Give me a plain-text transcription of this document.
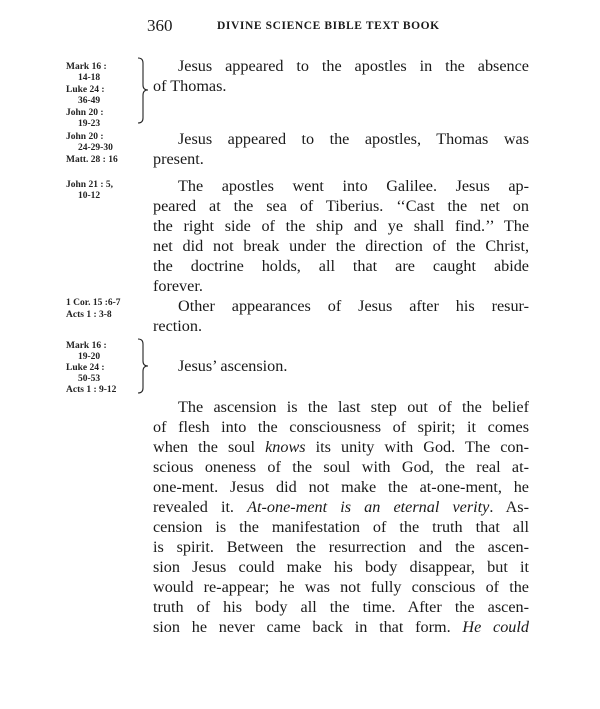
360	DIVINE SCIENCE BIBLE TEXT BOOK
Mark 16 :
14-18
Luke 24 :
36-49
John 20 :
19-23
Jesus appeared to the apostles in the absence
of Thomas.
John 20 :
24-29-30
Matt. 28 : 16
Jesus appeared to the apostles, Thomas was
present.
John 21 : 5,
10-12
The apostles went into Galilee. Jesus ap-
peared at the sea of Tiberius. ‘‘Cast the net on
the right side of the ship and ye shall find.’’ The
net did not break under the direction of the Christ,
the doctrine holds, all that are caught abide
forever.
1 Cor. 15 :6-7
Acts 1 : 3-8	Other appearances of Jesus after his resur-
rection.
Mark 16 :
19-20
Luke 24 :
50-53
Acts 1 : 9-12
Jesus’ ascension.
The ascension is the last step out of the belief
of flesh into the consciousness of spirit; it comes
when the soul knows its unity with God. The con-
scious oneness of the soul with God, the real at-
one-ment. Jesus did not make the at-one-ment, he
revealed it. At-one-ment is an eternal verity. As-
cension is the manifestation of the truth that all
is spirit. Between the resurrection and the ascen-
sion Jesus could make his body disappear, but it
would re-appear; he was not fully conscious of the
truth of his body all the time. After the ascen-
sion he never came back in that form. He could
